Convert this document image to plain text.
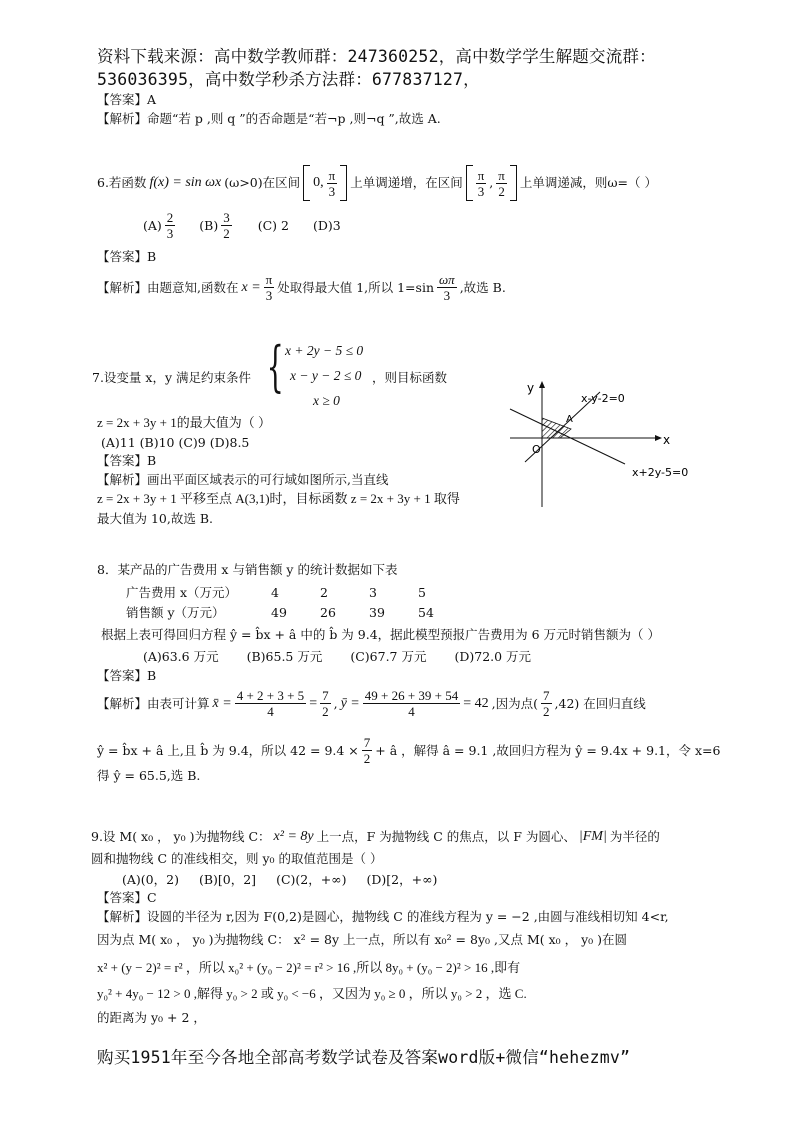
资料下载来源：高中数学教师群：247360252，高中数学学生解题交流群：
536036395，高中数学秒杀方法群：677837127，
【答案】A
【解析】命题“若 p ,则 q ”的否命题是“若¬p ,则¬q ”,故选 A.
6.若函数 f(x) = sin ωx (ω>0)在区间 0, $\frac{\pi}{3}$ 上单调递增，在区间 $\frac{\pi}{3}$ , $\frac{\pi}{2}$ 上单调递减，则ω=（ ）
$(A) \frac{2}{3} (B) \frac{3}{2} (C)$ 2 (D)3
【答案】B
【解析】由题意知,函数在 $x = \frac{\pi}{3}$ 处取得最大值 1,所以 $1=\sin \frac{\omega\pi}{3}$ ,故选 B.
7.设变量 x，y 满足约束条件 { x + 2y − 5 ≤ 0
x − y − 2 ≤ 0
x ≥ 0
，则目标函数
z = 2x + 3y + 1的最大值为（ ）
(A)11 (B)10 (C)9 (D)8.5
【答案】B
【解析】画出平面区域表示的可行域如图所示,当直线
z = 2x + 3y + 1 平移至点 A(3,1)时，目标函数 z = 2x + 3y + 1 取得
最大值为 10,故选 B.
y
x
O
A
x-y-2=0
x+2y-5=0
8．某产品的广告费用 x 与销售额 y 的统计数据如下表
广告费用 x（万元）	4	2	3	5
销售额 y（万元）	49	26	39	54
根据上表可得回归方程 ŷ = b̂x + â 中的 b̂ 为 9.4，据此模型预报广告费用为 6 万元时销售额为（ ）
(A)63.6 万元 (B)65.5 万元 (C)67.7 万元 (D)72.0 万元
【答案】B
【解析】由表可计算 x̄ = $\frac{4 + 2 + 3 + 5}{4} = \frac{7}{2}$ , ȳ = $\frac{49 + 26 + 39 + 54}{4} = 42$ ,因为点( $\frac{7}{2} ,42$) 在回归直线
ŷ = b̂x + â 上,且 b̂ 为 9.4，所以 $42 = 9.4 \times \frac{7}{2}$ + â ，解得 â = 9.1 ,故回归方程为 ŷ = 9.4x + 9.1，令 x=6
得 ŷ = 65.5,选 B.
9.设 M( x₀ ， y₀ )为抛物线 C： x² = 8y 上一点，F 为抛物线 C 的焦点，以 F 为圆心、 |FM| 为半径的
圆和抛物线 C 的准线相交，则 y₀ 的取值范围是（ ）
(A)(0，2) (B)[0，2] (C)(2，+∞) (D)[2，+∞)
【答案】C
【解析】设圆的半径为 r,因为 F(0,2)是圆心，抛物线 C 的准线方程为 y = −2 ,由圆与准线相切知 4<r,
因为点 M( x₀ ， y₀ )为抛物线 C： x² = 8y 上一点，所以有 x₀² = 8y₀ ,又点 M( x₀ ， y₀ )在圆
x² + (y − 2)² = r² ，所以 x₀² + (y₀ − 2)² = r² > 16 ,所以 8y₀ + (y₀ − 2)² > 16 ,即有
y₀² + 4y₀ − 12 > 0 ,解得 y₀ > 2 或 y₀ < −6 ，又因为 y₀ ≥ 0 ，所以 y₀ > 2 ，选 C.
的距离为 y₀ + 2 ，
购买1951年至今各地全部高考数学试卷及答案word版+微信“hehezmv”
